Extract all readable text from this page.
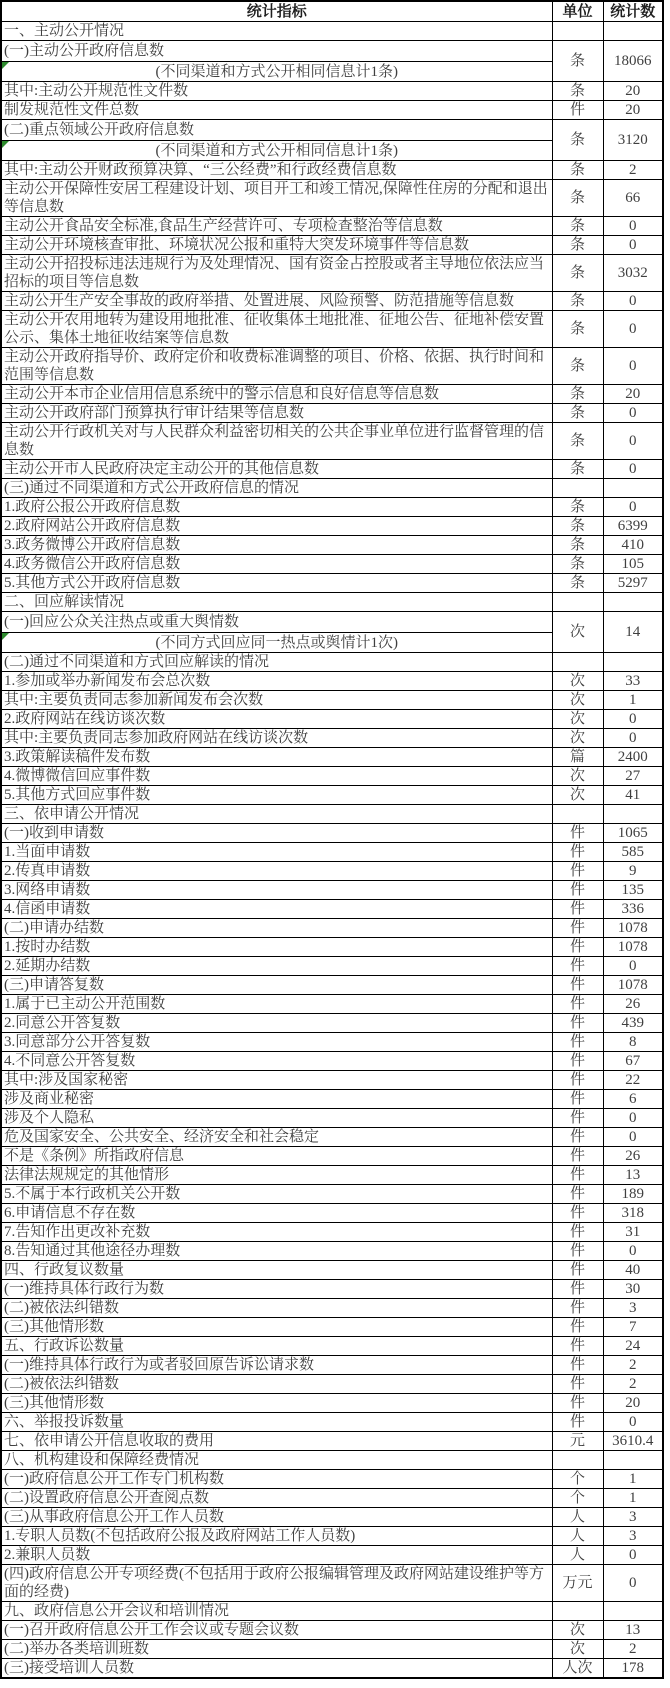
统计指标	单位	统计数
一、主动公开情况		
(一)主动公开政府信息数	条	18066
(不同渠道和方式公开相同信息计1条)		

其中:主动公开规范性文件数	条	20
制发规范性文件总数	件	20
(二)重点领域公开政府信息数	条	3120
(不同渠道和方式公开相同信息计1条)		

其中:主动公开财政预算决算、“三公经费”和行政经费信息数	条	2
主动公开保障性安居工程建设计划、项目开工和竣工情况,保障性住房的分配和退出等信息数	条	66
主动公开食品安全标准,食品生产经营许可、专项检查整治等信息数	条	0
主动公开环境核查审批、环境状况公报和重特大突发环境事件等信息数	条	0
主动公开招投标违法违规行为及处理情况、国有资金占控股或者主导地位依法应当招标的项目等信息数	条	3032
主动公开生产安全事故的政府举措、处置进展、风险预警、防范措施等信息数	条	0
主动公开农用地转为建设用地批准、征收集体土地批准、征地公告、征地补偿安置公示、集体土地征收结案等信息数	条	0
主动公开政府指导价、政府定价和收费标准调整的项目、价格、依据、执行时间和范围等信息数	条	0
主动公开本市企业信用信息系统中的警示信息和良好信息等信息数	条	20
主动公开政府部门预算执行审计结果等信息数	条	0
主动公开行政机关对与人民群众利益密切相关的公共企事业单位进行监督管理的信息数	条	0
主动公开市人民政府决定主动公开的其他信息数	条	0
(三)通过不同渠道和方式公开政府信息的情况		
1.政府公报公开政府信息数	条	0
2.政府网站公开政府信息数	条	6399
3.政务微博公开政府信息数	条	410
4.政务微信公开政府信息数	条	105
5.其他方式公开政府信息数	条	5297
二、回应解读情况		
(一)回应公众关注热点或重大舆情数	次	14
(不同方式回应同一热点或舆情计1次)		

(二)通过不同渠道和方式回应解读的情况		
1.参加或举办新闻发布会总次数	次	33
其中:主要负责同志参加新闻发布会次数	次	1
2.政府网站在线访谈次数	次	0
其中:主要负责同志参加政府网站在线访谈次数	次	0
3.政策解读稿件发布数	篇	2400
4.微博微信回应事件数	次	27
5.其他方式回应事件数	次	41
三、依申请公开情况		
(一)收到申请数	件	1065
1.当面申请数	件	585
2.传真申请数	件	9
3.网络申请数	件	135
4.信函申请数	件	336
(二)申请办结数	件	1078
1.按时办结数	件	1078
2.延期办结数	件	0
(三)申请答复数	件	1078
1.属于已主动公开范围数	件	26
2.同意公开答复数	件	439
3.同意部分公开答复数	件	8
4.不同意公开答复数	件	67
其中:涉及国家秘密	件	22
涉及商业秘密	件	6
涉及个人隐私	件	0
危及国家安全、公共安全、经济安全和社会稳定	件	0
不是《条例》所指政府信息	件	26
法律法规规定的其他情形	件	13
5.不属于本行政机关公开数	件	189
6.申请信息不存在数	件	318
7.告知作出更改补充数	件	31
8.告知通过其他途径办理数	件	0
四、行政复议数量	件	40
(一)维持具体行政行为数	件	30
(二)被依法纠错数	件	3
(三)其他情形数	件	7
五、行政诉讼数量	件	24
(一)维持具体行政行为或者驳回原告诉讼请求数	件	2
(二)被依法纠错数	件	2
(三)其他情形数	件	20
六、举报投诉数量	件	0
七、依申请公开信息收取的费用	元	3610.4
八、机构建设和保障经费情况		
(一)政府信息公开工作专门机构数	个	1
(二)设置政府信息公开查阅点数	个	1
(三)从事政府信息公开工作人员数	人	3
1.专职人员数(不包括政府公报及政府网站工作人员数)	人	3
2.兼职人员数	人	0
(四)政府信息公开专项经费(不包括用于政府公报编辑管理及政府网站建设维护等方面的经费)	万元	0
九、政府信息公开会议和培训情况		
(一)召开政府信息公开工作会议或专题会议数	次	13
(二)举办各类培训班数	次	2
(三)接受培训人员数	人次	178
